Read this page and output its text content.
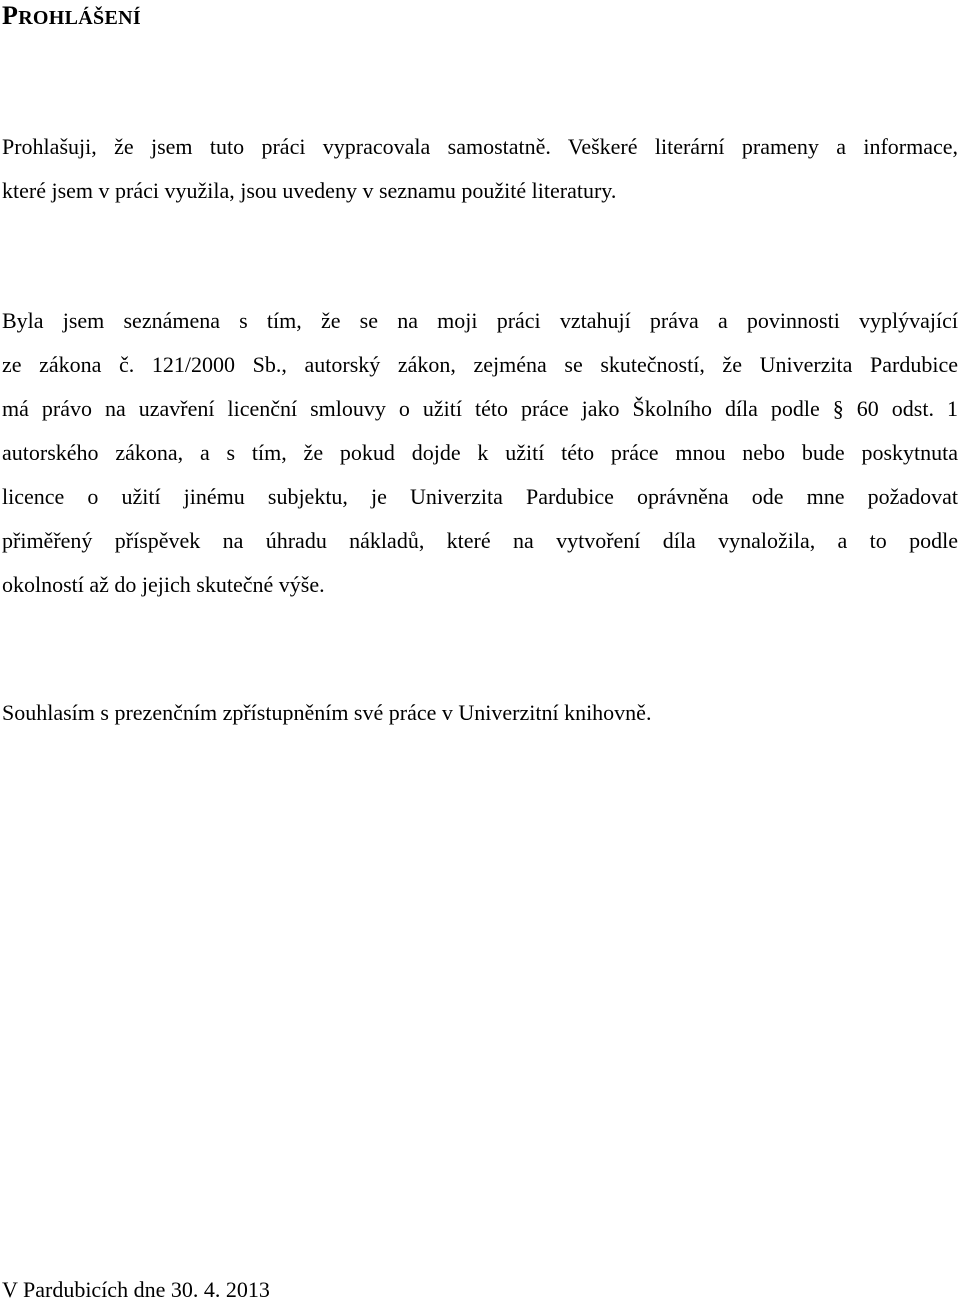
PROHLÁŠENÍ

Prohlašuji, že jsem tuto práci vypracovala samostatně. Veškeré literární prameny a informace,
které jsem v práci využila, jsou uvedeny v seznamu použité literatury.

Byla jsem seznámena s tím, že se na moji práci vztahují práva a povinnosti vyplývající
ze zákona č. 121/2000 Sb., autorský zákon, zejména se skutečností, že Univerzita Pardubice
má právo na uzavření licenční smlouvy o užití této práce jako Školního díla podle § 60 odst. 1
autorského zákona, a s tím, že pokud dojde k užití této práce mnou nebo bude poskytnuta
licence o užití jinému subjektu, je Univerzita Pardubice oprávněna ode mne požadovat
přiměřený příspěvek na úhradu nákladů, které na vytvoření díla vynaložila, a to podle
okolností až do jejich skutečné výše.

Souhlasím s prezenčním zpřístupněním své práce v Univerzitní knihovně.

V Pardubicích dne 30. 4. 2013
